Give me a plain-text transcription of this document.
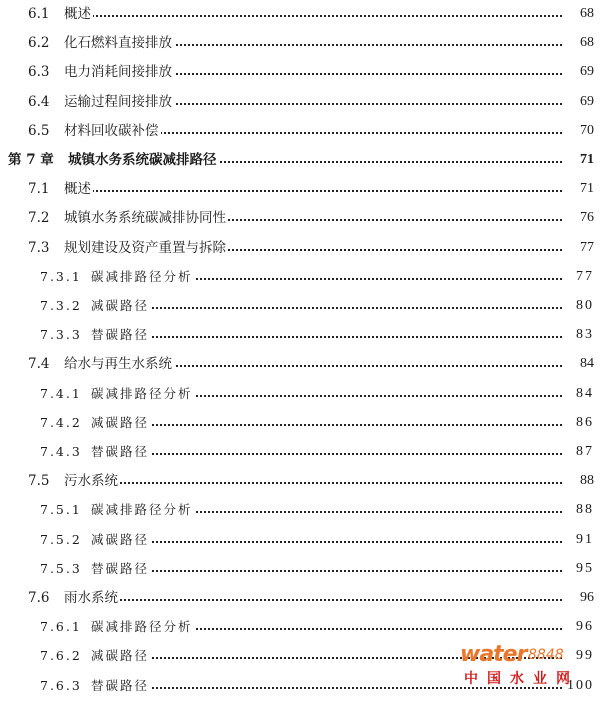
6.1 概述	68
6.2 化石燃料直接排放	68
6.3 电力消耗间接排放	69
6.4 运输过程间接排放	69
6.5 材料回收碳补偿	70
第 7 章 城镇水务系统碳减排路径	71
7.1 概述	71
7.2 城镇水务系统碳减排协同性	76
7.3 规划建设及资产重置与拆除	77
7.3.1 碳减排路径分析	77
7.3.2 减碳路径	80
7.3.3 替碳路径	83
7.4 给水与再生水系统	84
7.4.1 碳减排路径分析	84
7.4.2 减碳路径	86
7.4.3 替碳路径	87
7.5 污水系统	88
7.5.1 碳减排路径分析	88
7.5.2 减碳路径	91
7.5.3 替碳路径	95
7.6 雨水系统	96
7.6.1 碳减排路径分析	96
7.6.2 减碳路径	99
7.6.3 替碳路径	100
water 8848
中国水业网
